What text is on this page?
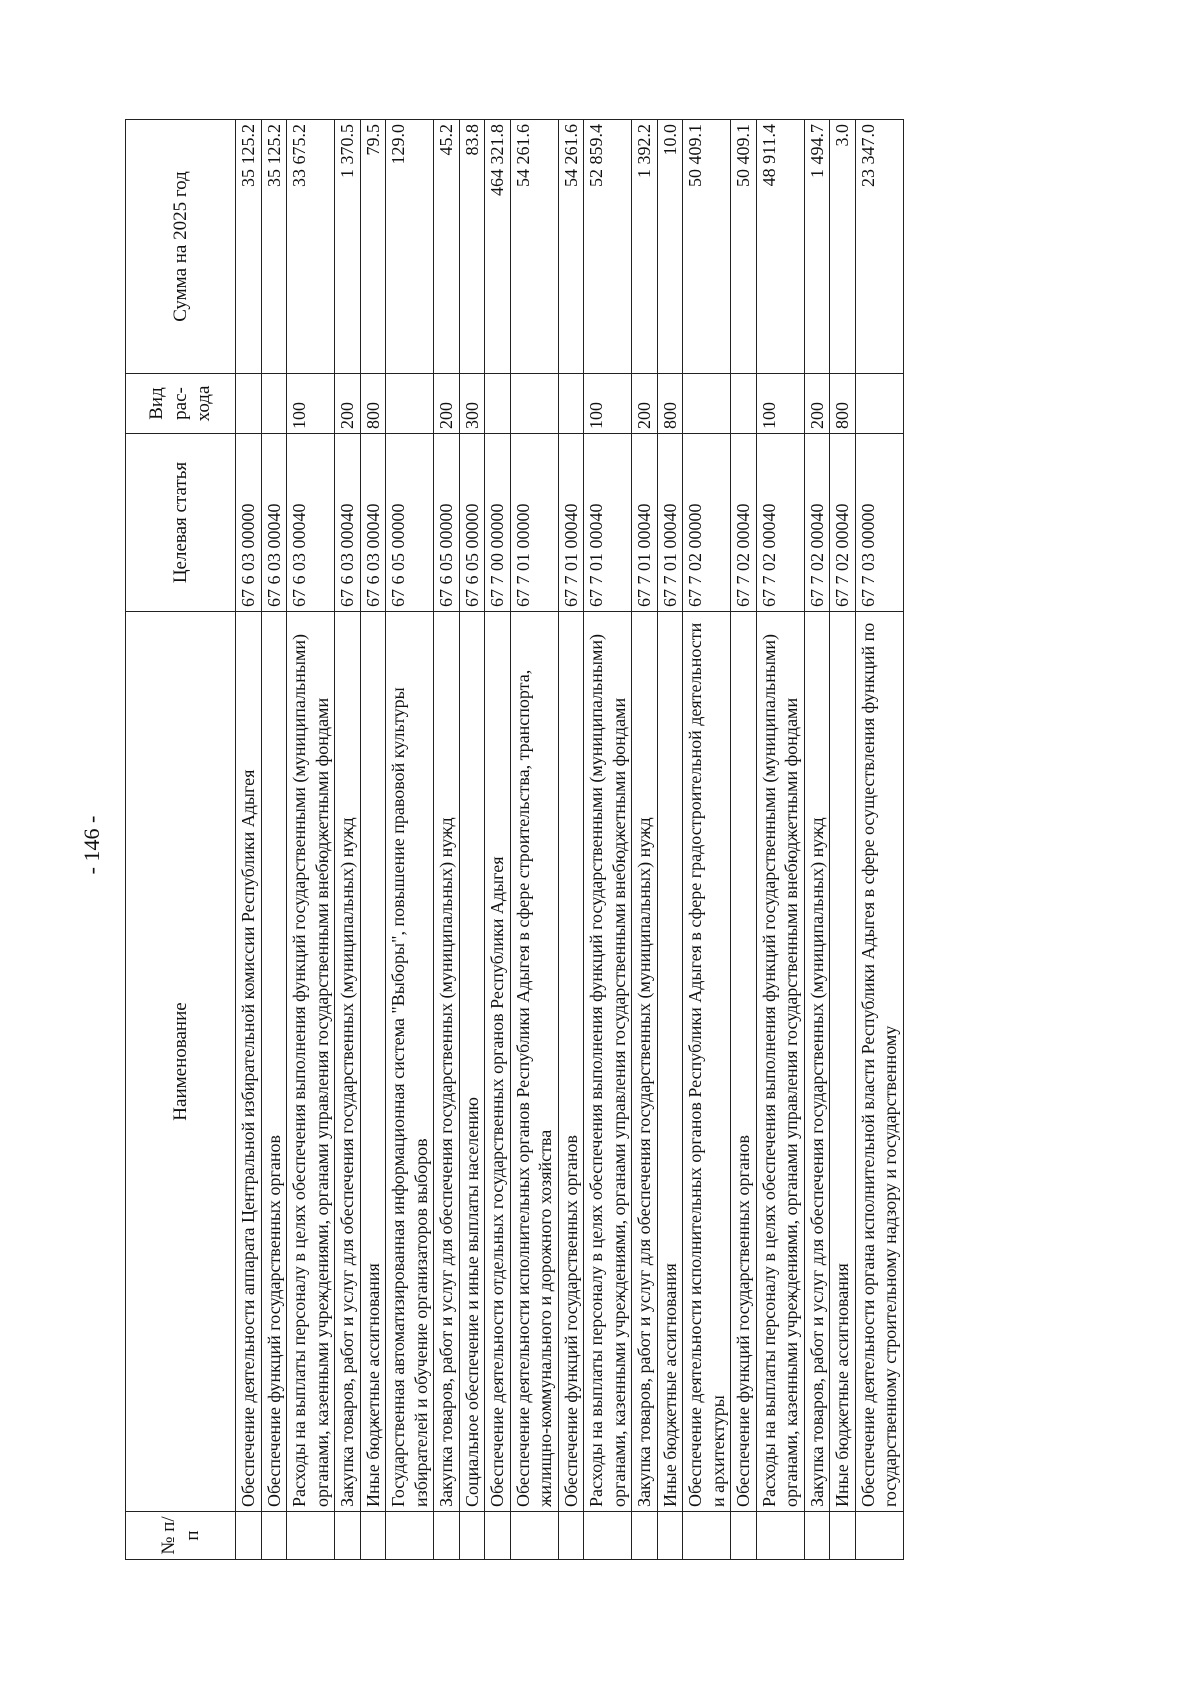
- 146 -
№ п/п	Наименование	Целевая статья	Вид рас- хода	Сумма на 2025 год
	Обеспечение деятельности аппарата Центральной избирательной комиссии Республики Адыгея	67 6 03 00000		35 125.2
	Обеспечение функций государственных органов	67 6 03 00040		35 125.2
	Расходы на выплаты персоналу в целях обеспечения выполнения функций государственными (муниципальными) органами, казенными учреждениями, органами управления государственными внебюджетными фондами	67 6 03 00040	100	33 675.2
	Закупка товаров, работ и услуг для обеспечения государственных (муниципальных) нужд	67 6 03 00040	200	1 370.5
	Иные бюджетные ассигнования	67 6 03 00040	800	79.5
	Государственная автоматизированная информационная система "Выборы", повышение правовой культуры избирателей и обучение организаторов выборов	67 6 05 00000		129.0
	Закупка товаров, работ и услуг для обеспечения государственных (муниципальных) нужд	67 6 05 00000	200	45.2
	Социальное обеспечение и иные выплаты населению	67 6 05 00000	300	83.8
	Обеспечение деятельности отдельных государственных органов Республики Адыгея	67 7 00 00000		464 321.8
	Обеспечение деятельности исполнительных органов Республики Адыгея в сфере строительства, транспорта, жилищно-коммунального и дорожного хозяйства	67 7 01 00000		54 261.6
	Обеспечение функций государственных органов	67 7 01 00040		54 261.6
	Расходы на выплаты персоналу в целях обеспечения выполнения функций государственными (муниципальными) органами, казенными учреждениями, органами управления государственными внебюджетными фондами	67 7 01 00040	100	52 859.4
	Закупка товаров, работ и услуг для обеспечения государственных (муниципальных) нужд	67 7 01 00040	200	1 392.2
	Иные бюджетные ассигнования	67 7 01 00040	800	10.0
	Обеспечение деятельности исполнительных органов Республики Адыгея в сфере градостроительной деятельности и архитектуры	67 7 02 00000		50 409.1
	Обеспечение функций государственных органов	67 7 02 00040		50 409.1
	Расходы на выплаты персоналу в целях обеспечения выполнения функций государственными (муниципальными) органами, казенными учреждениями, органами управления государственными внебюджетными фондами	67 7 02 00040	100	48 911.4
	Закупка товаров, работ и услуг для обеспечения государственных (муниципальных) нужд	67 7 02 00040	200	1 494.7
	Иные бюджетные ассигнования	67 7 02 00040	800	3.0
	Обеспечение деятельности органа исполнительной власти Республики Адыгея в сфере осуществления функций по государственному строительному надзору и государственному	67 7 03 00000		23 347.0
